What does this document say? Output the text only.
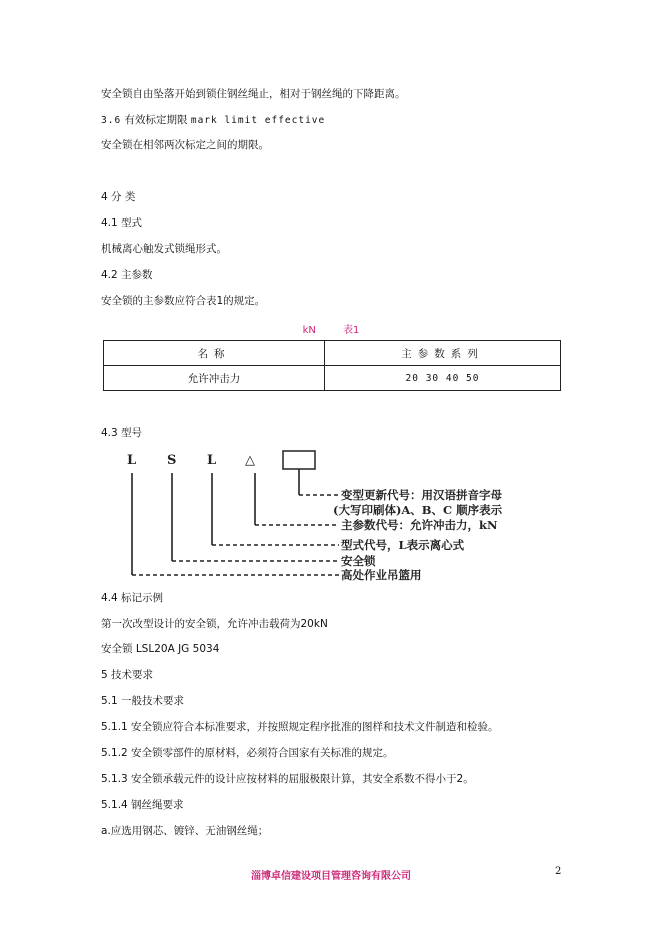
安全锁自由坠落开始到锁住钢丝绳止，相对于钢丝绳的下降距离。
3.6 有效标定期限 mark limit effective
安全锁在相邻两次标定之间的期限。
4 分 类
4.1 型式
机械离心触发式锁绳形式。
4.2 主参数
安全锁的主参数应符合表1的规定。
kN	表1
名称	主参数系列
允许冲击力	20 30 40 50
4.3 型号
L S L △
变型更新代号：用汉语拼音字母
(大写印刷体)A、B、C 顺序表示
主参数代号：允许冲击力，kN
型式代号，L表示离心式
安全锁
高处作业吊篮用
4.4 标记示例
第一次改型设计的安全锁，允许冲击载荷为20kN
安全锁 LSL20A JG 5034
5 技术要求
5.1 一般技术要求
5.1.1 安全锁应符合本标准要求，并按照规定程序批准的图样和技术文件制造和检验。
5.1.2 安全锁零部件的原材料，必须符合国家有关标准的规定。
5.1.3 安全锁承载元件的设计应按材料的屈服极限计算，其安全系数不得小于2。
5.1.4 钢丝绳要求
a.应选用钢芯、镀锌、无油钢丝绳；
淄博卓信建设项目管理咨询有限公司	2
